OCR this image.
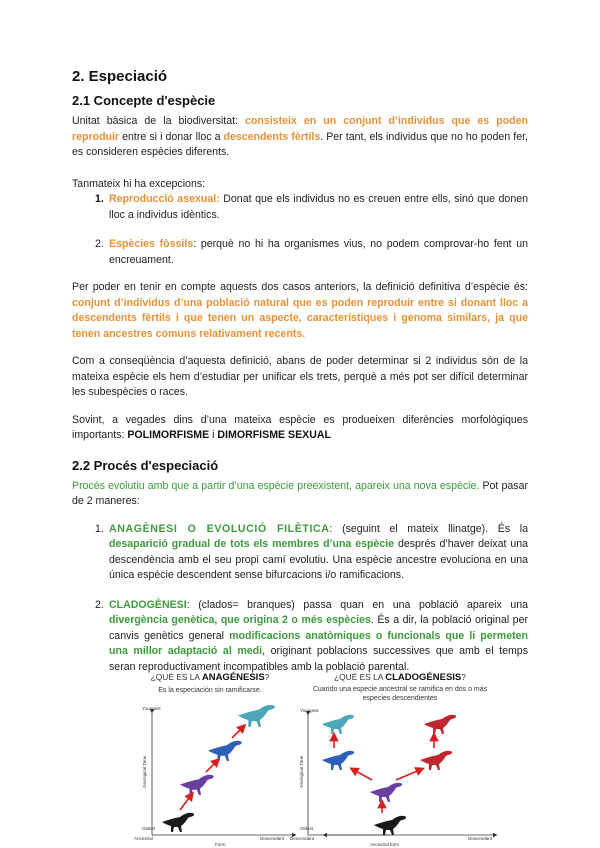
2. Especiació
2.1 Concepte d'espècie

Unitat bàsica de la biodiversitat: consisteix en un conjunt d’individus que es poden reproduir entre si i donar lloc a descendents fèrtils. Per tant, els individus que no ho poden fer, es consideren espècies diferents.

Tanmateix hi ha excepcions:

1. Reproducció asexual: Donat que els individus no es creuen entre ells, sinó que donen lloc a individus idèntics.
2. Espècies fòssils: perquè no hi ha organismes vius, no podem comprovar-ho fent un encreuament.

Per poder en tenir en compte aquests dos casos anteriors, la definició definitiva d’espècie és: conjunt d’individus d’una població natural que es poden reproduir entre si donant lloc a descendents fèrtils i que tenen un aspecte, característiques i genoma similars, ja que tenen ancestres comuns relativament recents.

Com a conseqüència d’aquesta definició, abans de poder determinar si 2 individus són de la mateixa espècie els hem d’estudiar per unificar els trets, perquè a més pot ser difícil determinar les subespècies o races.

Sovint, a vegades dins d’una mateixa espècie es produeixen diferències morfològiques importants: POLIMORFISME i DIMORFISME SEXUAL

2.2 Procés d'especiació

Procés evolutiu amb que a partir d’una espècie preexistent, apareix una nova espècie. Pot pasar de 2 maneres:

1. ANAGÈNESI O EVOLUCIÓ FILÈTICA: (seguint el mateix llinatge). És la desaparició gradual de tots els membres d’una espècie després d’haver deixat una descendència amb el seu propi camí evolutiu. Una espècie ancestre evoluciona en una única espècie descendent sense bifurcacions i/o ramificacions.
2. CLADOGÈNESI: (clados= branques) passa quan en una població apareix una divergència genètica, que origina 2 o més espècies. És a dir, la població original per canvis genètics general modificacions anatòmiques o funcionals que li permeten una millor adaptació al medi, originant poblacions successives que amb el temps seran reproductivament incompatibles amb la població parental.
¿QUÉ ES LA ANAGÉNESIS?
Es la especiación sin ramificarse.
¿QUÉ ES LA CLADOGÉNESIS?
Cuando una especie ancestral se ramifica en dos o más especies descendientes
Youngest
Oldest
Geological Time
Ancestral	Descendant
Form
Youngest
Oldest
Geological Time
Descendant	Descendant
Ancestral form
